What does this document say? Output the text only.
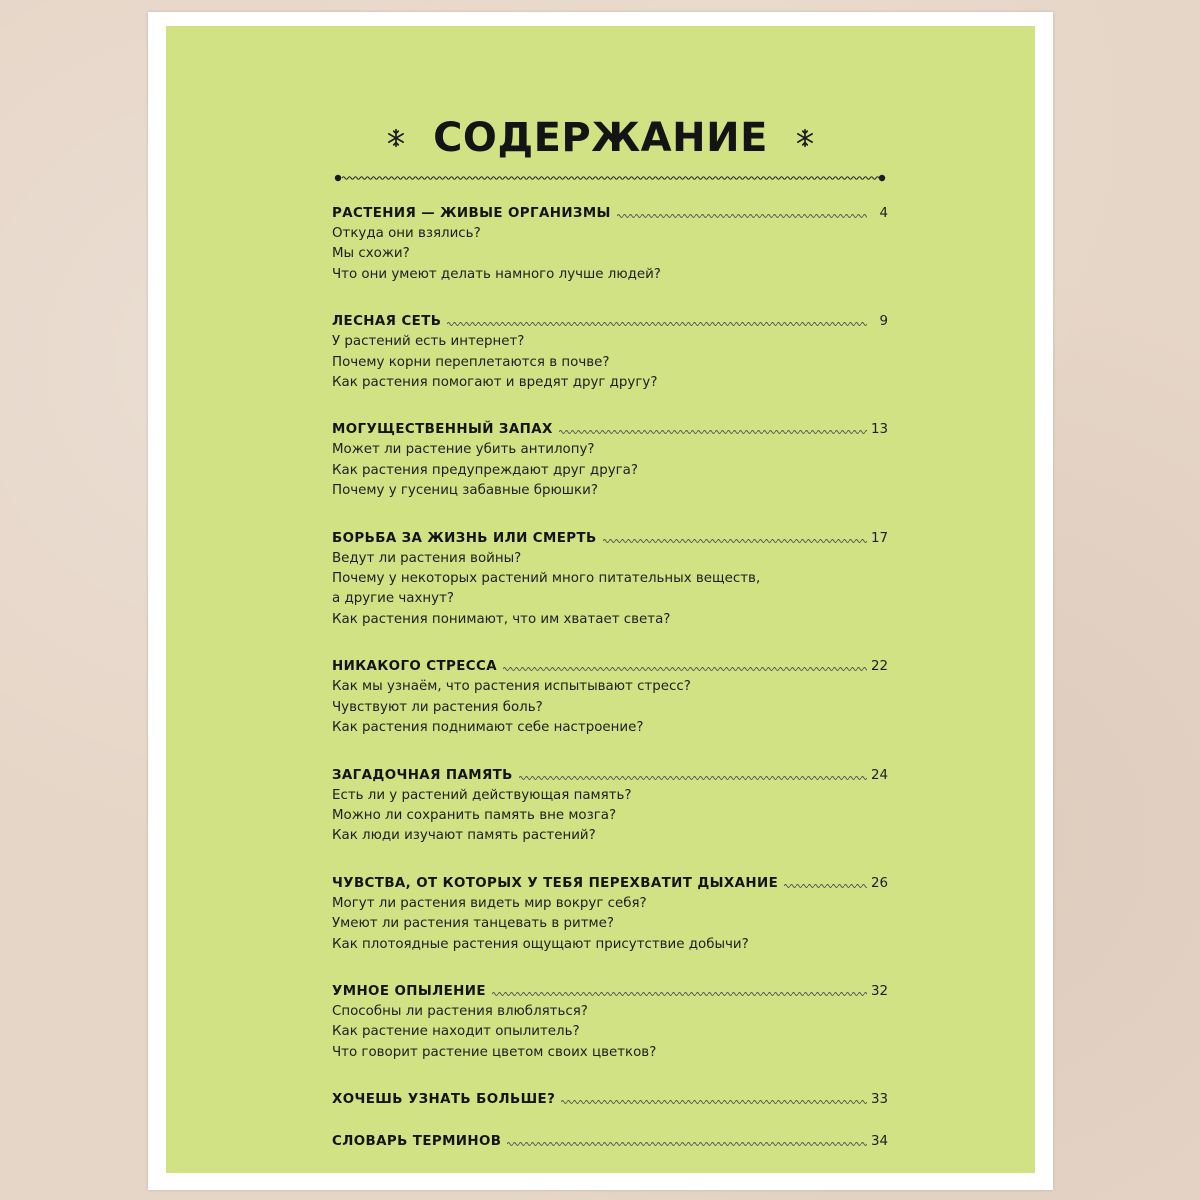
СОДЕРЖАНИЕ
РАСТЕНИЯ — ЖИВЫЕ ОРГАНИЗМЫ	4
Откуда они взялись?
Мы схожи?
Что они умеют делать намного лучше людей?
ЛЕСНАЯ СЕТЬ	9
У растений есть интернет?
Почему корни переплетаются в почве?
Как растения помогают и вредят друг другу?
МОГУЩЕСТВЕННЫЙ ЗАПАХ	13
Может ли растение убить антилопу?
Как растения предупреждают друг друга?
Почему у гусениц забавные брюшки?
БОРЬБА ЗА ЖИЗНЬ ИЛИ СМЕРТЬ	17
Ведут ли растения войны?
Почему у некоторых растений много питательных веществ,
а другие чахнут?
Как растения понимают, что им хватает света?
НИКАКОГО СТРЕССА	22
Как мы узнаём, что растения испытывают стресс?
Чувствуют ли растения боль?
Как растения поднимают себе настроение?
ЗАГАДОЧНАЯ ПАМЯТЬ	24
Есть ли у растений действующая память?
Можно ли сохранить память вне мозга?
Как люди изучают память растений?
ЧУВСТВА, ОТ КОТОРЫХ У ТЕБЯ ПЕРЕХВАТИТ ДЫХАНИЕ	26
Могут ли растения видеть мир вокруг себя?
Умеют ли растения танцевать в ритме?
Как плотоядные растения ощущают присутствие добычи?
УМНОЕ ОПЫЛЕНИЕ	32
Способны ли растения влюбляться?
Как растение находит опылитель?
Что говорит растение цветом своих цветков?
ХОЧЕШЬ УЗНАТЬ БОЛЬШЕ?	33
СЛОВАРЬ ТЕРМИНОВ	34
